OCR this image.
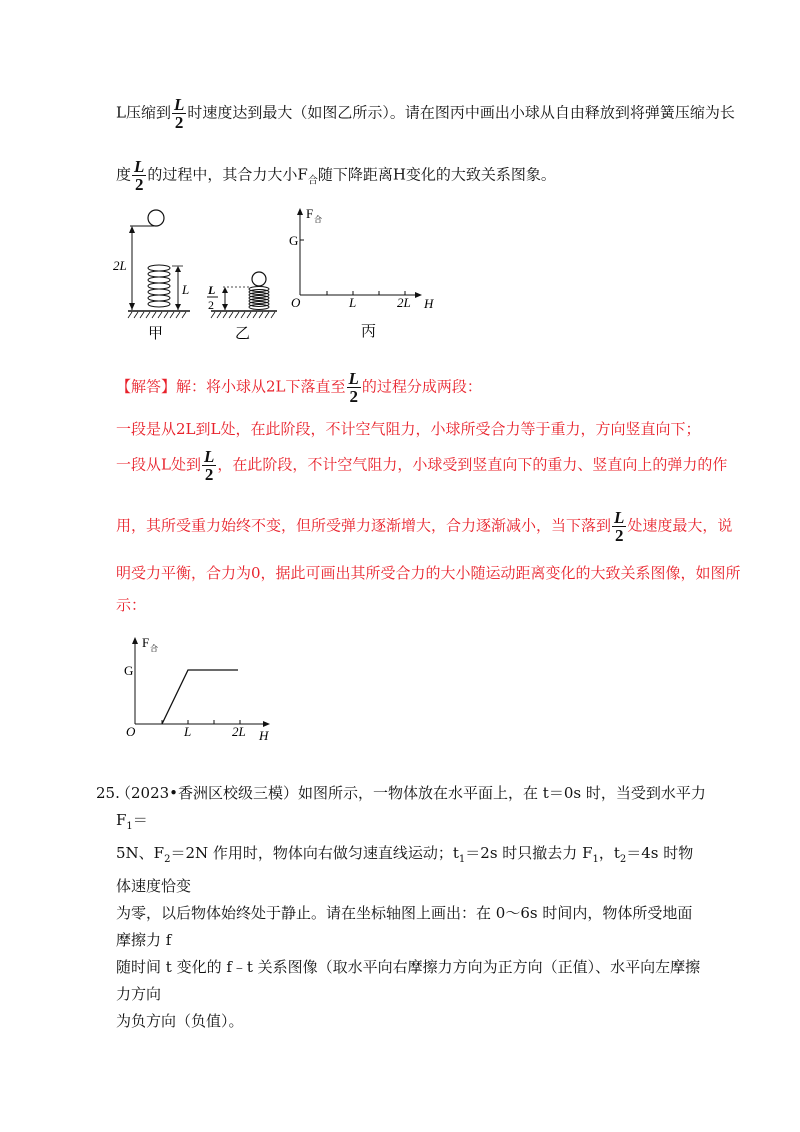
L压缩到 $\frac{L}{2}$ 时速度达到最大（如图乙所示）。请在图丙中画出小球从自由释放到将弹簧压缩为长
度 $\frac{L}{2}$ 的过程中，其合力大小$F_合$随下降距离H变化的大致关系图象。
2L
L
甲
L
2
乙
F 合
G
O	L	2L H
丙
【解答】解：将小球从2L下落直至 $\frac{L}{2}$ 的过程分成两段：
一段是从2L到L处，在此阶段，不计空气阻力，小球所受合力等于重力，方向竖直向下；
一段从L处到 $\frac{L}{2}$ ，在此阶段，不计空气阻力，小球受到竖直向下的重力、竖直向上的弹力的作
用，其所受重力始终不变，但所受弹力逐渐增大，合力逐渐减小，当下落到 $\frac{L}{2}$ 处速度最大，说
明受力平衡，合力为0，据此可画出其所受合力的大小随运动距离变化的大致关系图像，如图所
示：
F 合
G
O	L	2L H
25.
（2023•香洲区校级三模）如图所示，一物体放在水平面上，在 t＝0s 时，当受到水平力 $F_1=$
5N、$F_2=2N$ 作用时，物体向右做匀速直线运动；$t_1=2s$ 时只撤去力 $F_1$，$t_2=4s$ 时物体速度恰变
为零，以后物体始终处于静止。请在坐标轴图上画出：在 0～6s 时间内，物体所受地面摩擦力 f
随时间 t 变化的 f﹣t 关系图像（取水平向右摩擦力方向为正方向（正值）、水平向左摩擦力方向
为负方向（负值）。
